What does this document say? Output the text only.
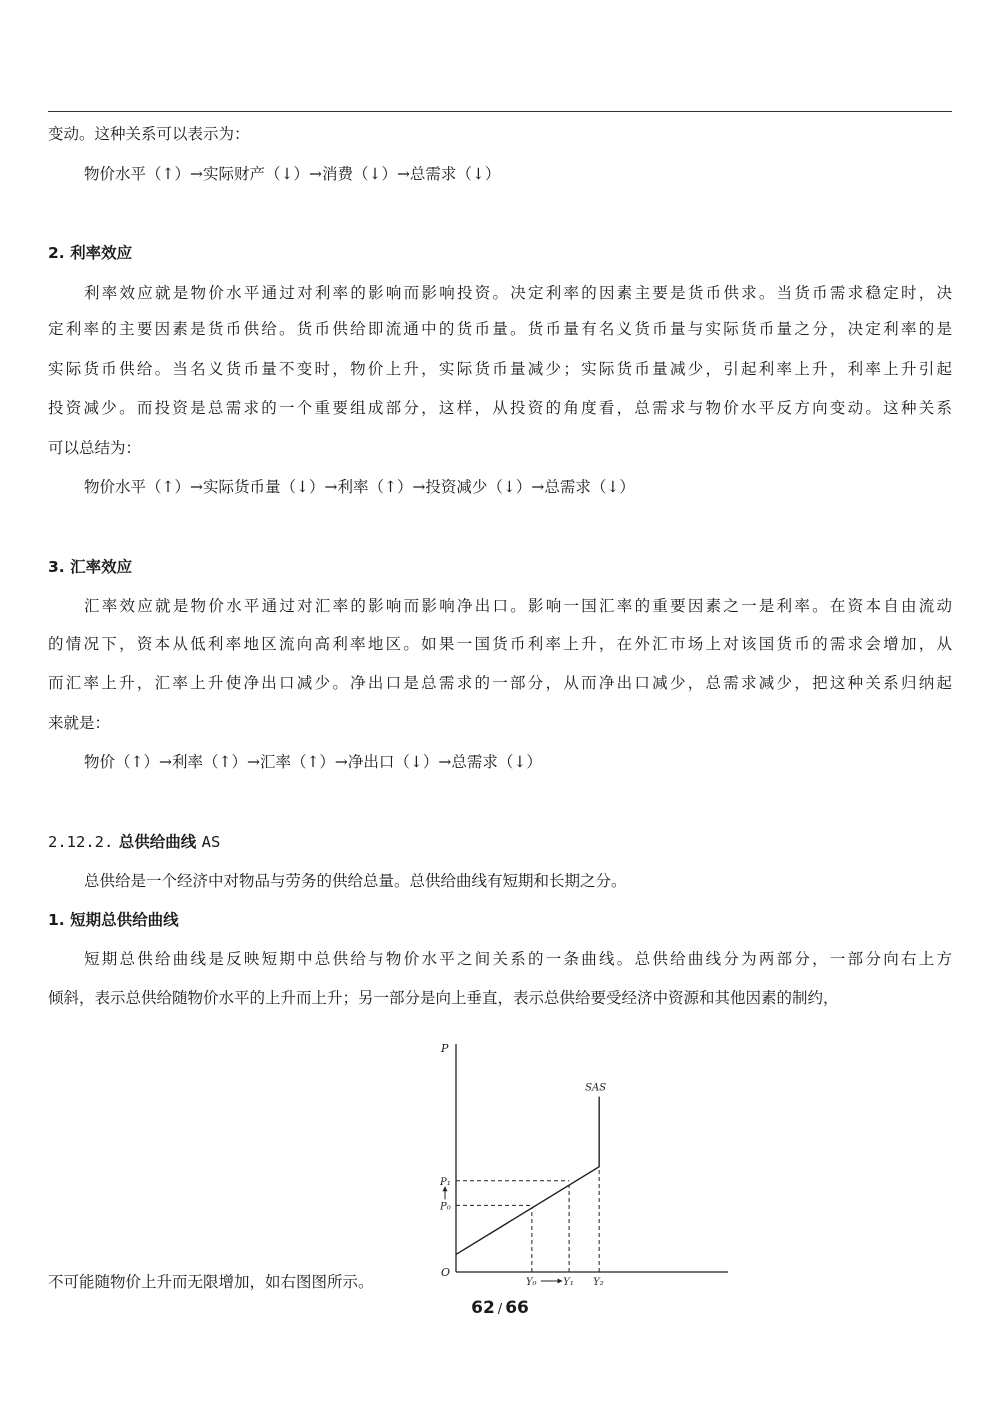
变动。这种关系可以表示为：
物价水平（↑）→实际财产（↓）→消费（↓）→总需求（↓）
2. 利率效应
利率效应就是物价水平通过对利率的影响而影响投资。决定利率的因素主要是货币供求。当货币需求稳定时，决
定利率的主要因素是货币供给。货币供给即流通中的货币量。货币量有名义货币量与实际货币量之分，决定利率的是
实际货币供给。当名义货币量不变时，物价上升，实际货币量减少；实际货币量减少，引起利率上升，利率上升引起
投资减少。而投资是总需求的一个重要组成部分，这样，从投资的角度看，总需求与物价水平反方向变动。这种关系
可以总结为：
物价水平（↑）→实际货币量（↓）→利率（↑）→投资减少（↓）→总需求（↓）
3. 汇率效应
汇率效应就是物价水平通过对汇率的影响而影响净出口。影响一国汇率的重要因素之一是利率。在资本自由流动
的情况下，资本从低利率地区流向高利率地区。如果一国货币利率上升，在外汇市场上对该国货币的需求会增加，从
而汇率上升，汇率上升使净出口减少。净出口是总需求的一部分，从而净出口减少，总需求减少，把这种关系归纳起
来就是：
物价（↑）→利率（↑）→汇率（↑）→净出口（↓）→总需求（↓）
2.12.2. 总供给曲线 AS
总供给是一个经济中对物品与劳务的供给总量。总供给曲线有短期和长期之分。
1. 短期总供给曲线
短期总供给曲线是反映短期中总供给与物价水平之间关系的一条曲线。总供给曲线分为两部分，一部分向右上方
倾斜，表示总供给随物价水平的上升而上升；另一部分是向上垂直，表示总供给要受经济中资源和其他因素的制约，
不可能随物价上升而无限增加，如右图图所示。
P
O
SAS
Y₀	Y₁ Y₂
P₀
P₁
62 / 66
